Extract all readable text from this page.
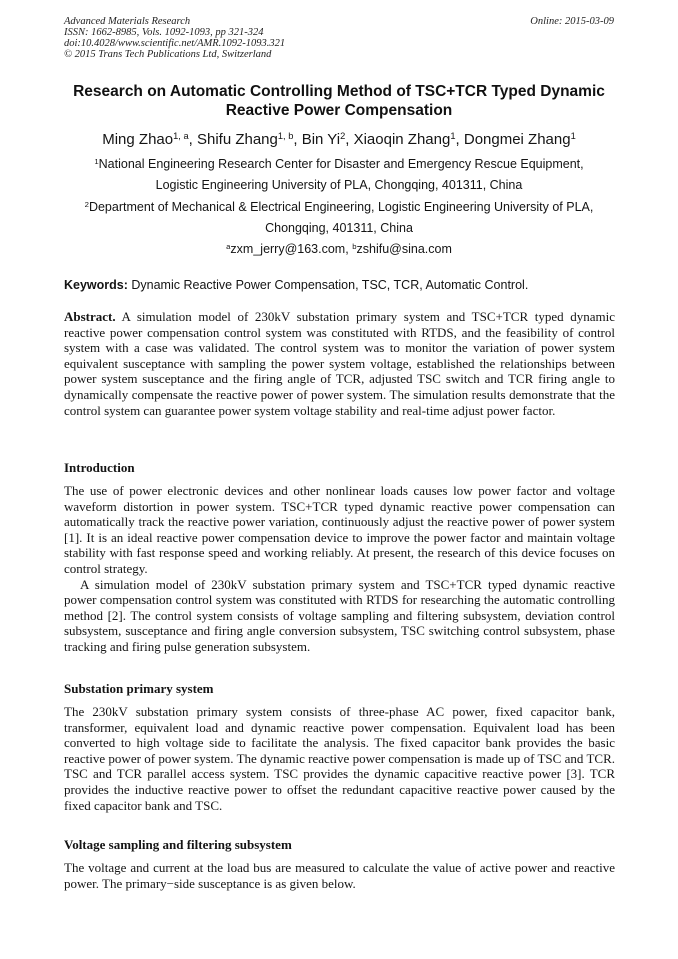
Advanced Materials Research
ISSN: 1662-8985, Vols. 1092-1093, pp 321-324
doi:10.4028/www.scientific.net/AMR.1092-1093.321
© 2015 Trans Tech Publications Ltd, Switzerland
Online: 2015-03-09
Research on Automatic Controlling Method of TSC+TCR Typed Dynamic Reactive Power Compensation
Ming Zhao$^{1, a}$, Shifu Zhang$^{1, b}$, Bin Yi$^2$, Xiaoqin Zhang$^1$, Dongmei Zhang$^1$
$^1$National Engineering Research Center for Disaster and Emergency Rescue Equipment,
Logistic Engineering University of PLA, Chongqing, 401311, China
$^2$Department of Mechanical & Electrical Engineering, Logistic Engineering University of PLA,
Chongqing, 401311, China
$^a$zxm_jerry@163.com, $^b$zshifu@sina.com
Keywords: Dynamic Reactive Power Compensation, TSC, TCR, Automatic Control.

Abstract. A simulation model of 230kV substation primary system and TSC+TCR typed dynamic reactive power compensation control system was constituted with RTDS, and the feasibility of control system with a case was validated. The control system was to monitor the variation of power system equivalent susceptance with sampling the power system voltage, established the relationships between power system susceptance and the firing angle of TCR, adjusted TSC switch and TCR firing angle to dynamically compensate the reactive power of power system. The simulation results demonstrate that the control system can guarantee power system voltage stability and real-time adjust power factor.

Introduction

The use of power electronic devices and other nonlinear loads causes low power factor and voltage waveform distortion in power system. TSC+TCR typed dynamic reactive power compensation can automatically track the reactive power variation, continuously adjust the reactive power of power system [1]. It is an ideal reactive power compensation device to improve the power factor and maintain voltage stability with fast response speed and working reliably. At present, the research of this device focuses on control strategy.

A simulation model of 230kV substation primary system and TSC+TCR typed dynamic reactive power compensation control system was constituted with RTDS for researching the automatic controlling method [2]. The control system consists of voltage sampling and filtering subsystem, deviation control subsystem, susceptance and firing angle conversion subsystem, TSC switching control subsystem, phase tracking and firing pulse generation subsystem.

Substation primary system

The 230kV substation primary system consists of three-phase AC power, fixed capacitor bank, transformer, equivalent load and dynamic reactive power compensation. Equivalent load has been converted to high voltage side to facilitate the analysis. The fixed capacitor bank provides the basic reactive power of power system. The dynamic reactive power compensation is made up of TSC and TCR. TSC and TCR parallel access system. TSC provides the dynamic capacitive reactive power [3]. TCR provides the inductive reactive power to offset the redundant capacitive reactive power caused by the fixed capacitor bank and TSC.

Voltage sampling and filtering subsystem

The voltage and current at the load bus are measured to calculate the value of active power and reactive power. The primary−side susceptance is as given below.
